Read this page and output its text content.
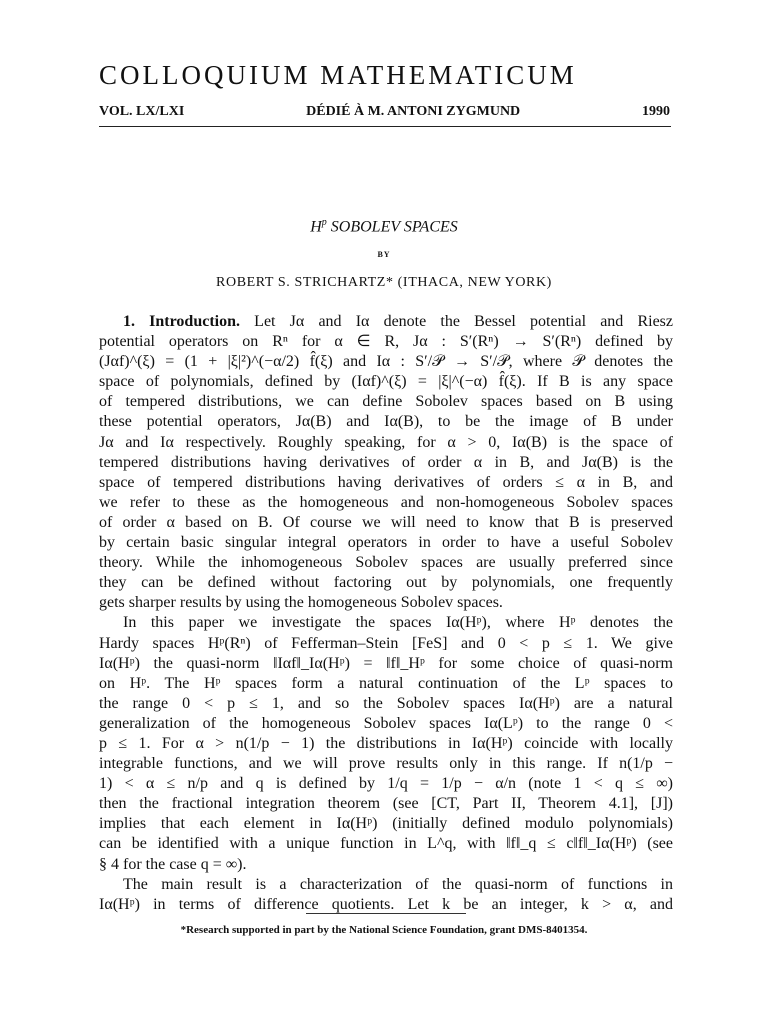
COLLOQUIUM MATHEMATICUM
VOL. LX/LXI	DÉDIÉ À M. ANTONI ZYGMUND	1990
$H^p$ SOBOLEV SPACES
BY
ROBERT S. STRICHARTZ* (ITHACA, NEW YORK)
1. Introduction. Let Jα and Iα denote the Bessel potential and Riesz
potential operators on Rⁿ for α ∈ R, Jα : S′(Rⁿ) → S′(Rⁿ) defined by
(Jαf)^(ξ) = (1 + |ξ|²)^(−α/2) f̂(ξ) and Iα : S′/𝒫 → S′/𝒫, where 𝒫 denotes the
space of polynomials, defined by (Iαf)^(ξ) = |ξ|^(−α) f̂(ξ). If B is any space
of tempered distributions, we can define Sobolev spaces based on B using
these potential operators, Jα(B) and Iα(B), to be the image of B under
Jα and Iα respectively. Roughly speaking, for α > 0, Iα(B) is the space of
tempered distributions having derivatives of order α in B, and Jα(B) is the
space of tempered distributions having derivatives of orders ≤ α in B, and
we refer to these as the homogeneous and non-homogeneous Sobolev spaces
of order α based on B. Of course we will need to know that B is preserved
by certain basic singular integral operators in order to have a useful Sobolev
theory. While the inhomogeneous Sobolev spaces are usually preferred since
they can be defined without factoring out by polynomials, one frequently
gets sharper results by using the homogeneous Sobolev spaces.
In this paper we investigate the spaces Iα(Hᵖ), where Hᵖ denotes the
Hardy spaces Hᵖ(Rⁿ) of Fefferman–Stein [FeS] and 0 < p ≤ 1. We give
Iα(Hᵖ) the quasi-norm ‖Iαf‖_Iα(Hᵖ) = ‖f‖_Hᵖ for some choice of quasi-norm
on Hᵖ. The Hᵖ spaces form a natural continuation of the Lᵖ spaces to
the range 0 < p ≤ 1, and so the Sobolev spaces Iα(Hᵖ) are a natural
generalization of the homogeneous Sobolev spaces Iα(Lᵖ) to the range 0 <
p ≤ 1. For α > n(1/p − 1) the distributions in Iα(Hᵖ) coincide with locally
integrable functions, and we will prove results only in this range. If n(1/p −
1) < α ≤ n/p and q is defined by 1/q = 1/p − α/n (note 1 < q ≤ ∞)
then the fractional integration theorem (see [CT, Part II, Theorem 4.1], [J])
implies that each element in Iα(Hᵖ) (initially defined modulo polynomials)
can be identified with a unique function in L^q, with ‖f‖_q ≤ c‖f‖_Iα(Hᵖ) (see
§ 4 for the case q = ∞).
The main result is a characterization of the quasi-norm of functions in
Iα(Hᵖ) in terms of difference quotients. Let k be an integer, k > α, and
*Research supported in part by the National Science Foundation, grant DMS-8401354.
